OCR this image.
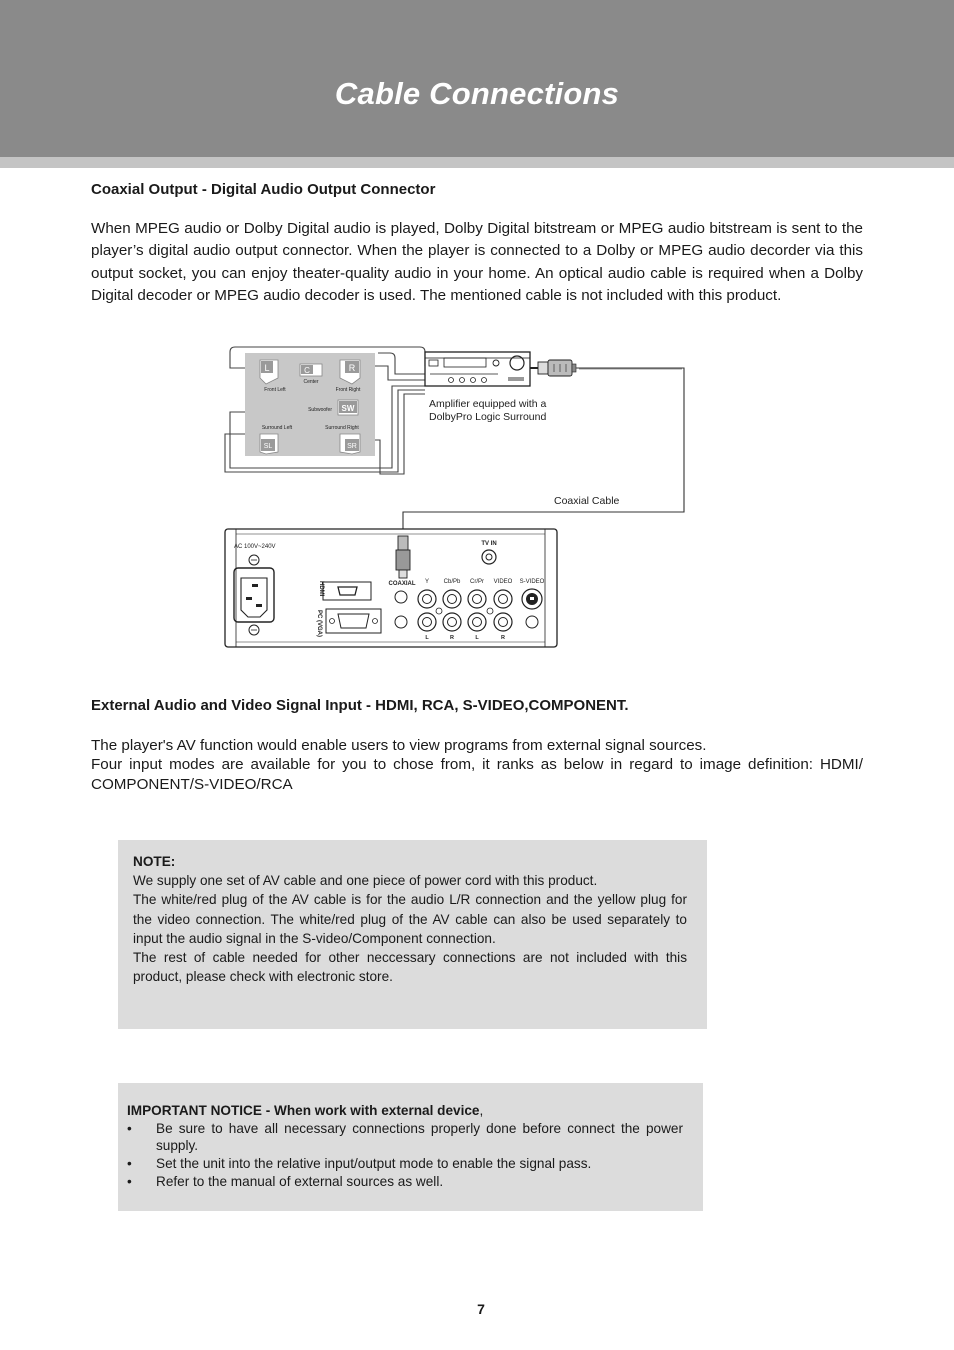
Cable Connections
Coaxial Output - Digital Audio Output Connector

When MPEG audio or Dolby Digital audio is played, Dolby Digital bitstream or MPEG audio bitstream is sent to the player’s digital audio output connector. When the player is connected to a Dolby or MPEG audio decorder via this output socket, you can enjoy theater-quality audio in your home. An optical audio cable is required when a Dolby Digital decoder or MPEG audio decoder is used. The mentioned cable is not included with this product.

L	C	R
Front Left
Center
Front Right
Subwoofer SW
Surround Left	Surround Right
SL	SR
Amplifier equipped with a
DolbyPro Logic Surround
Coaxial Cable
AC 100V~240V
HDMI
PC (VGA)
COAXIAL
TV IN
Y Cb/Pb Cr/Pr VIDEO S-VIDEO
L	R	L	R
External Audio and Video Signal Input - HDMI, RCA, S-VIDEO,COMPONENT.

The player's AV function would enable users to view programs from external signal sources.

Four input modes are available for you to chose from, it ranks as below in regard to image definition: HDMI/ COMPONENT/S-VIDEO/RCA

NOTE:

We supply one set of AV cable and one piece of power cord with this product.

The white/red plug of the AV cable is for the audio L/R connection and the yellow plug for the video connection. The white/red plug of the AV cable can also be used separately to input the audio signal in the S-video/Component connection.

The rest of cable needed for other neccessary connections are not included with this product, please check with electronic store.

IMPORTANT NOTICE - When work with external device,
• Be sure to have all necessary connections properly done before connect the power supply.
• Set the unit into the relative input/output mode to enable the signal pass.
• Refer to the manual of external sources as well.
7
